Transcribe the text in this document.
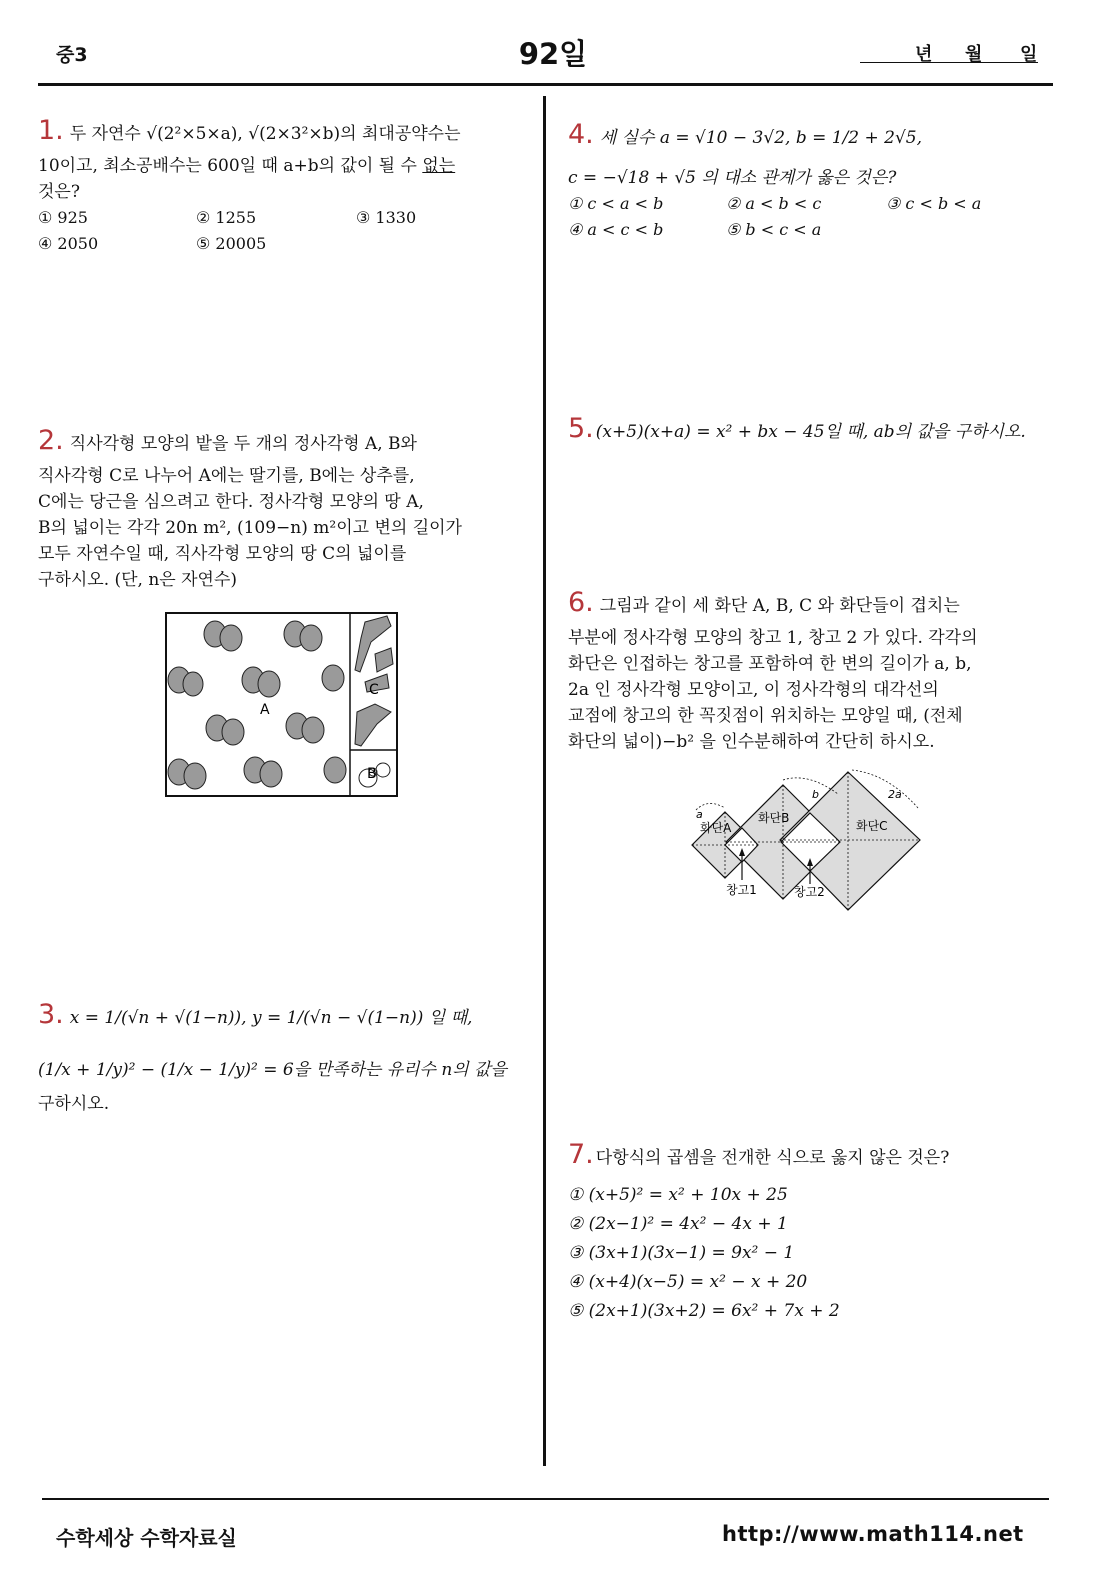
중3	92일
	년 월 일
1. 두 자연수 √(2²×5×a), √(2×3²×b)의 최대공약수는
10이고, 최소공배수는 600일 때 a+b의 값이 될 수 없는
것은?
① 925	② 1255	③ 1330
④ 2050	⑤ 20005
2. 직사각형 모양의 밭을 두 개의 정사각형 A, B와
직사각형 C로 나누어 A에는 딸기를, B에는 상추를,
C에는 당근을 심으려고 한다. 정사각형 모양의 땅 A,
B의 넓이는 각각 20n m², (109−n) m²이고 변의 길이가
모두 자연수일 때, 직사각형 모양의 땅 C의 넓이를
구하시오. (단, n은 자연수)
A
C
B
3. x = 1/(√n + √(1−n)), y = 1/(√n − √(1−n)) 일 때,
(1/x + 1/y)² − (1/x − 1/y)² = 6을 만족하는 유리수 n의 값을
구하시오.
4. 세 실수 a = √10 − 3√2, b = 1/2 + 2√5,
c = −√18 + √5 의 대소 관계가 옳은 것은?
① c < a < b	② a < b < c	③ c < b < a
④ a < c < b	⑤ b < c < a
5. (x+5)(x+a) = x² + bx − 45일 때, ab의 값을 구하시오.
6. 그림과 같이 세 화단 A, B, C 와 화단들이 겹치는
부분에 정사각형 모양의 창고 1, 창고 2 가 있다. 각각의
화단은 인접하는 창고를 포함하여 한 변의 길이가 a, b,
2a 인 정사각형 모양이고, 이 정사각형의 대각선의
교점에 창고의 한 꼭짓점이 위치하는 모양일 때, (전체
화단의 넓이)−b² 을 인수분해하여 간단히 하시오.
화단A
화단B
화단C
창고1	창고2
a
b	2a
7. 다항식의 곱셈을 전개한 식으로 옳지 않은 것은?
① (x+5)² = x² + 10x + 25
② (2x−1)² = 4x² − 4x + 1
③ (3x+1)(3x−1) = 9x² − 1
④ (x+4)(x−5) = x² − x + 20
⑤ (2x+1)(3x+2) = 6x² + 7x + 2
수학세상 수학자료실	http://www.math114.net
